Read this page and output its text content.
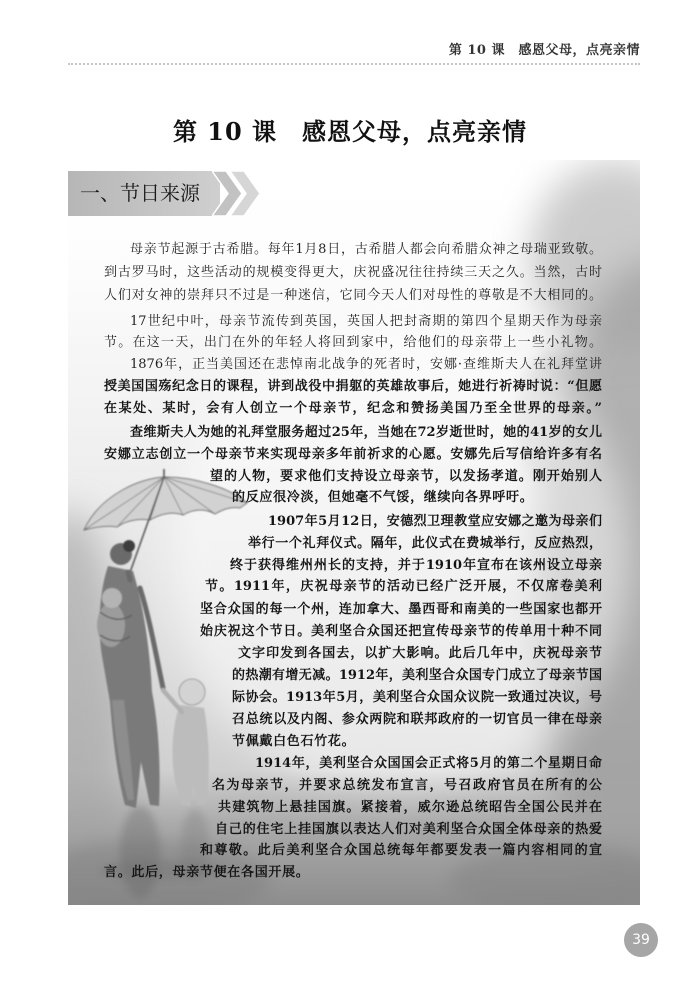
第 10 课　感恩父母，点亮亲情
第 10 课　感恩父母，点亮亲情
一、节日来源
母亲节起源于古希腊。每年1月8日，古希腊人都会向希腊众神之母瑞亚致敬。
到古罗马时，这些活动的规模变得更大，庆祝盛况往往持续三天之久。当然，古时
人们对女神的崇拜只不过是一种迷信，它同今天人们对母性的尊敬是不大相同的。
17世纪中叶，母亲节流传到英国，英国人把封斋期的第四个星期天作为母亲
节。在这一天，出门在外的年轻人将回到家中，给他们的母亲带上一些小礼物。
1876年，正当美国还在悲悼南北战争的死者时，安娜·查维斯夫人在礼拜堂讲
授美国国殇纪念日的课程，讲到战役中捐躯的英雄故事后，她进行祈祷时说：“但愿
在某处、某时，会有人创立一个母亲节，纪念和赞扬美国乃至全世界的母亲。”
查维斯夫人为她的礼拜堂服务超过25年，当她在72岁逝世时，她的41岁的女儿
安娜立志创立一个母亲节来实现母亲多年前祈求的心愿。安娜先后写信给许多有名
望的人物，要求他们支持设立母亲节，以发扬孝道。刚开始别人
的反应很冷淡，但她毫不气馁，继续向各界呼吁。
1907年5月12日，安德烈卫理教堂应安娜之邀为母亲们
举行一个礼拜仪式。隔年，此仪式在费城举行，反应热烈，
终于获得维州州长的支持，并于1910年宣布在该州设立母亲
节。1911年，庆祝母亲节的活动已经广泛开展，不仅席卷美利
坚合众国的每一个州，连加拿大、墨西哥和南美的一些国家也都开
始庆祝这个节日。美利坚合众国还把宣传母亲节的传单用十种不同
文字印发到各国去，以扩大影响。此后几年中，庆祝母亲节
的热潮有增无减。1912年，美利坚合众国专门成立了母亲节国
际协会。1913年5月，美利坚合众国众议院一致通过决议，号
召总统以及内阁、参众两院和联邦政府的一切官员一律在母亲
节佩戴白色石竹花。
1914年，美利坚合众国国会正式将5月的第二个星期日命
名为母亲节，并要求总统发布宣言，号召政府官员在所有的公
共建筑物上悬挂国旗。紧接着，威尔逊总统昭告全国公民并在
自己的住宅上挂国旗以表达人们对美利坚合众国全体母亲的热爱
和尊敬。此后美利坚合众国总统每年都要发表一篇内容相同的宣
言。此后，母亲节便在各国开展。
39
